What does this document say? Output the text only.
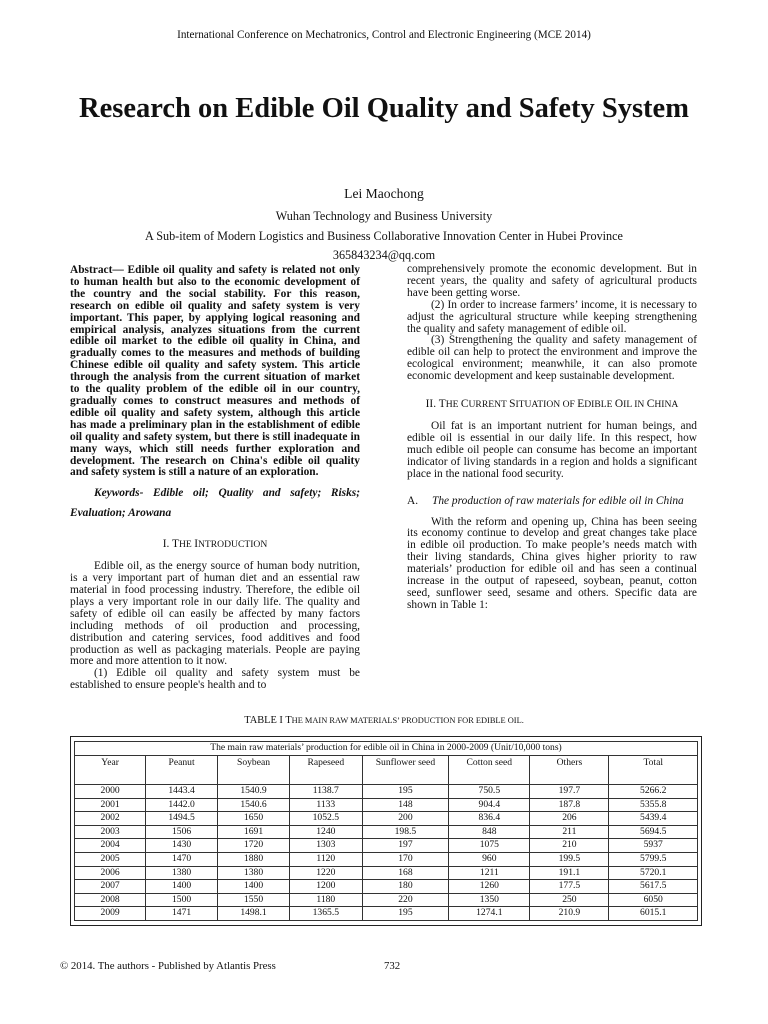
International Conference on Mechatronics, Control and Electronic Engineering (MCE 2014)
Research on Edible Oil Quality and Safety System
Lei Maochong
Wuhan Technology and Business University
A Sub-item of Modern Logistics and Business Collaborative Innovation Center in Hubei Province
365843234@qq.com

Abstract— Edible oil quality and safety is related not only to human health but also to the economic development of the country and the social stability. For this reason, research on edible oil quality and safety system is very important. This paper, by applying logical reasoning and empirical analysis, analyzes situations from the current edible oil market to the edible oil quality in China, and gradually comes to the measures and methods of building Chinese edible oil quality and safety system. This article through the analysis from the current situation of market to the quality problem of the edible oil in our country, gradually comes to construct measures and methods of edible oil quality and safety system, although this article has made a preliminary plan in the establishment of edible oil quality and safety system, but there is still inadequate in many ways, which still needs further exploration and development. The research on China's edible oil quality and safety system is still a nature of an exploration.

Keywords- Edible oil; Quality and safety; Risks; Evaluation; Arowana

I. THE INTRODUCTION

Edible oil, as the energy source of human body nutrition, is a very important part of human diet and an essential raw material in food processing industry. Therefore, the edible oil plays a very important role in our daily life. The quality and safety of edible oil can easily be affected by many factors including methods of oil production and processing, distribution and catering services, food additives and food production as well as packaging materials. People are paying more and more attention to it now.

(1) Edible oil quality and safety system must be established to ensure people's health and to

comprehensively promote the economic development. But in recent years, the quality and safety of agricultural products have been getting worse.

(2) In order to increase farmers’ income, it is necessary to adjust the agricultural structure while keeping strengthening the quality and safety management of edible oil.

(3) Strengthening the quality and safety management of edible oil can help to protect the environment and improve the ecological environment; meanwhile, it can also promote economic development and keep sustainable development.

II. THE CURRENT SITUATION OF EDIBLE OIL IN CHINA

Oil fat is an important nutrient for human beings, and edible oil is essential in our daily life. In this respect, how much edible oil people can consume has become an important indicator of living standards in a region and holds a significant place in the national food security.

A. The production of raw materials for edible oil in China

With the reform and opening up, China has been seeing its economy continue to develop and great changes take place in edible oil production. To make people’s needs match with their living standards, China gives higher priority to raw materials’ production for edible oil and has seen a continual increase in the output of rapeseed, soybean, peanut, cotton seed, sunflower seed, sesame and others. Specific data are shown in Table 1:

TABLE I THE MAIN RAW MATERIALS’ PRODUCTION FOR EDIBLE OIL.
The main raw materials’ production for edible oil in China in 2000-2009 (Unit/10,000 tons)							
Year	Peanut	Soybean	Rapeseed	Sunflower seed	Cotton seed	Others	Total
2000	1443.4	1540.9	1138.7	195	750.5	197.7	5266.2
2001	1442.0	1540.6	1133	148	904.4	187.8	5355.8
2002	1494.5	1650	1052.5	200	836.4	206	5439.4
2003	1506	1691	1240	198.5	848	211	5694.5
2004	1430	1720	1303	197	1075	210	5937
2005	1470	1880	1120	170	960	199.5	5799.5
2006	1380	1380	1220	168	1211	191.1	5720.1
2007	1400	1400	1200	180	1260	177.5	5617.5
2008	1500	1550	1180	220	1350	250	6050
2009	1471	1498.1	1365.5	195	1274.1	210.9	6015.1
© 2014. The authors - Published by Atlantis Press	732
